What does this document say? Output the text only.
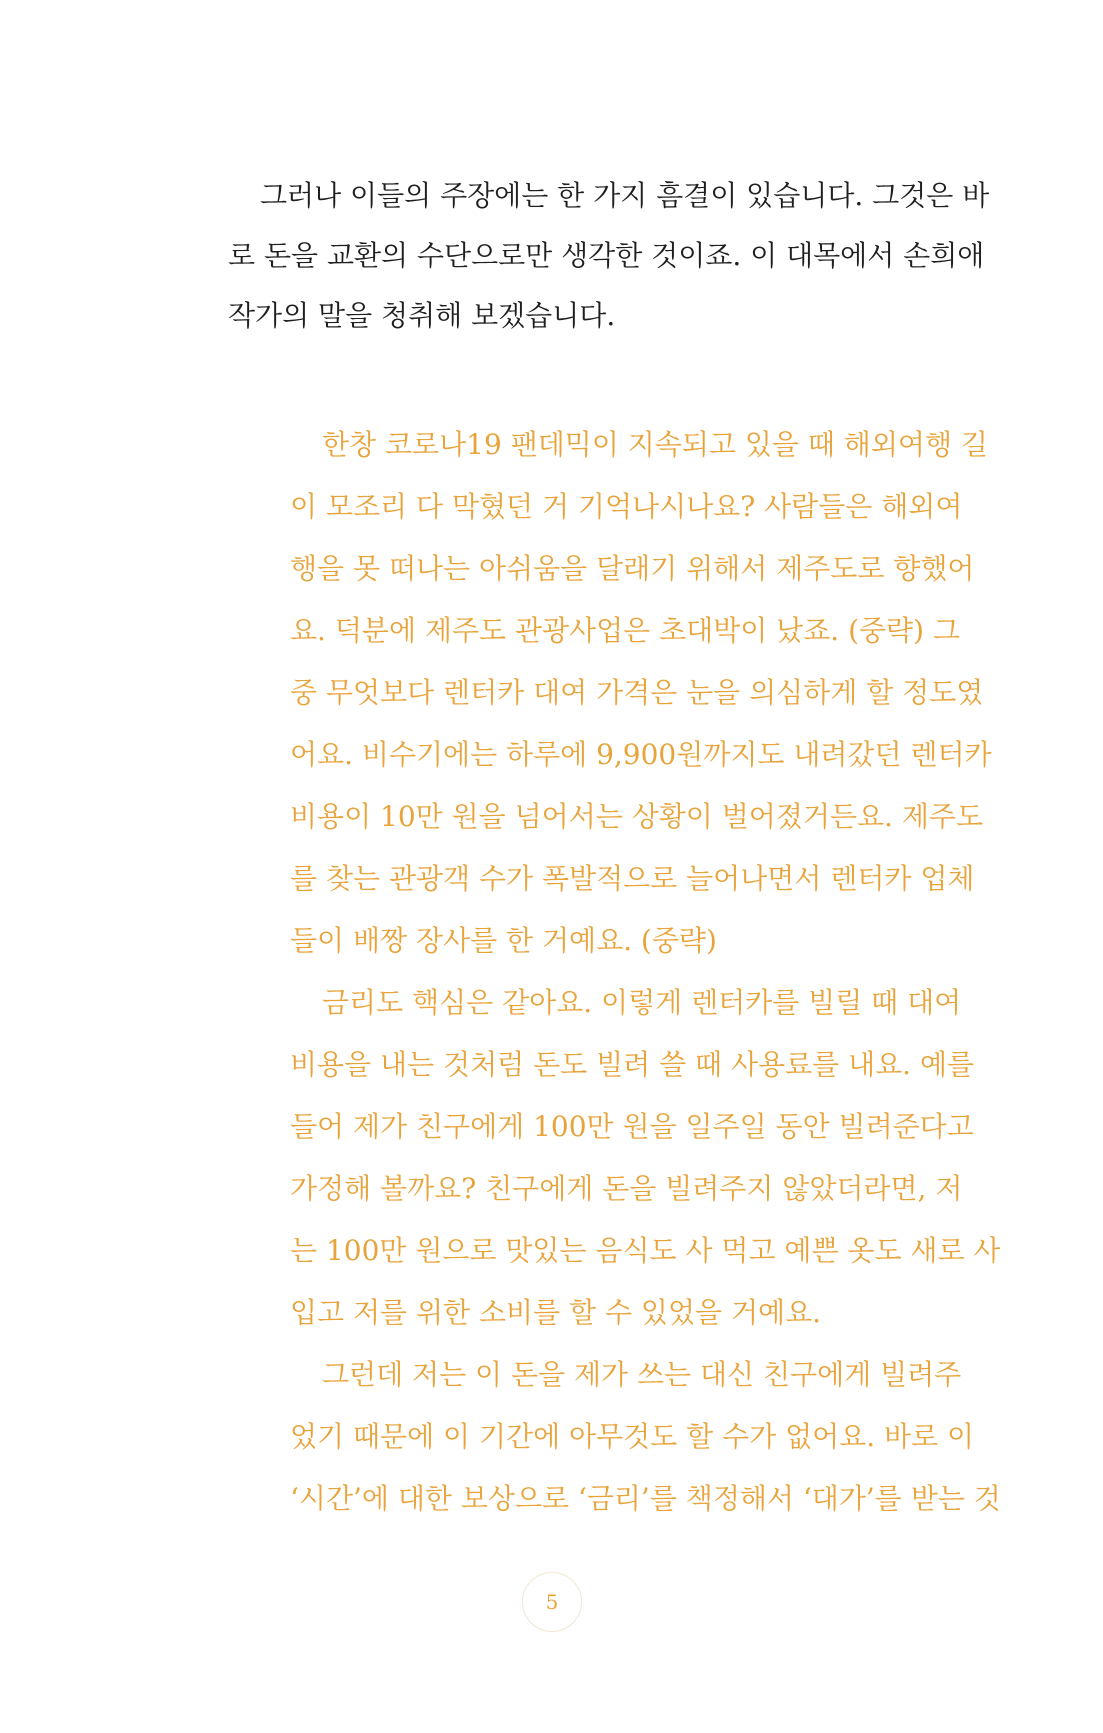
그러나 이들의 주장에는 한 가지 흠결이 있습니다. 그것은 바
로 돈을 교환의 수단으로만 생각한 것이죠. 이 대목에서 손희애
작가의 말을 청취해 보겠습니다.
한창 코로나19 팬데믹이 지속되고 있을 때 해외여행 길
이 모조리 다 막혔던 거 기억나시나요? 사람들은 해외여
행을 못 떠나는 아쉬움을 달래기 위해서 제주도로 향했어
요. 덕분에 제주도 관광사업은 초대박이 났죠. (중략) 그
중 무엇보다 렌터카 대여 가격은 눈을 의심하게 할 정도였
어요. 비수기에는 하루에 9,900원까지도 내려갔던 렌터카
비용이 10만 원을 넘어서는 상황이 벌어졌거든요. 제주도
를 찾는 관광객 수가 폭발적으로 늘어나면서 렌터카 업체
들이 배짱 장사를 한 거예요. (중략)
금리도 핵심은 같아요. 이렇게 렌터카를 빌릴 때 대여
비용을 내는 것처럼 돈도 빌려 쓸 때 사용료를 내요. 예를
들어 제가 친구에게 100만 원을 일주일 동안 빌려준다고
가정해 볼까요? 친구에게 돈을 빌려주지 않았더라면, 저
는 100만 원으로 맛있는 음식도 사 먹고 예쁜 옷도 새로 사
입고 저를 위한 소비를 할 수 있었을 거예요.
그런데 저는 이 돈을 제가 쓰는 대신 친구에게 빌려주
었기 때문에 이 기간에 아무것도 할 수가 없어요. 바로 이
‘시간’에 대한 보상으로 ‘금리’를 책정해서 ‘대가’를 받는 것
5
